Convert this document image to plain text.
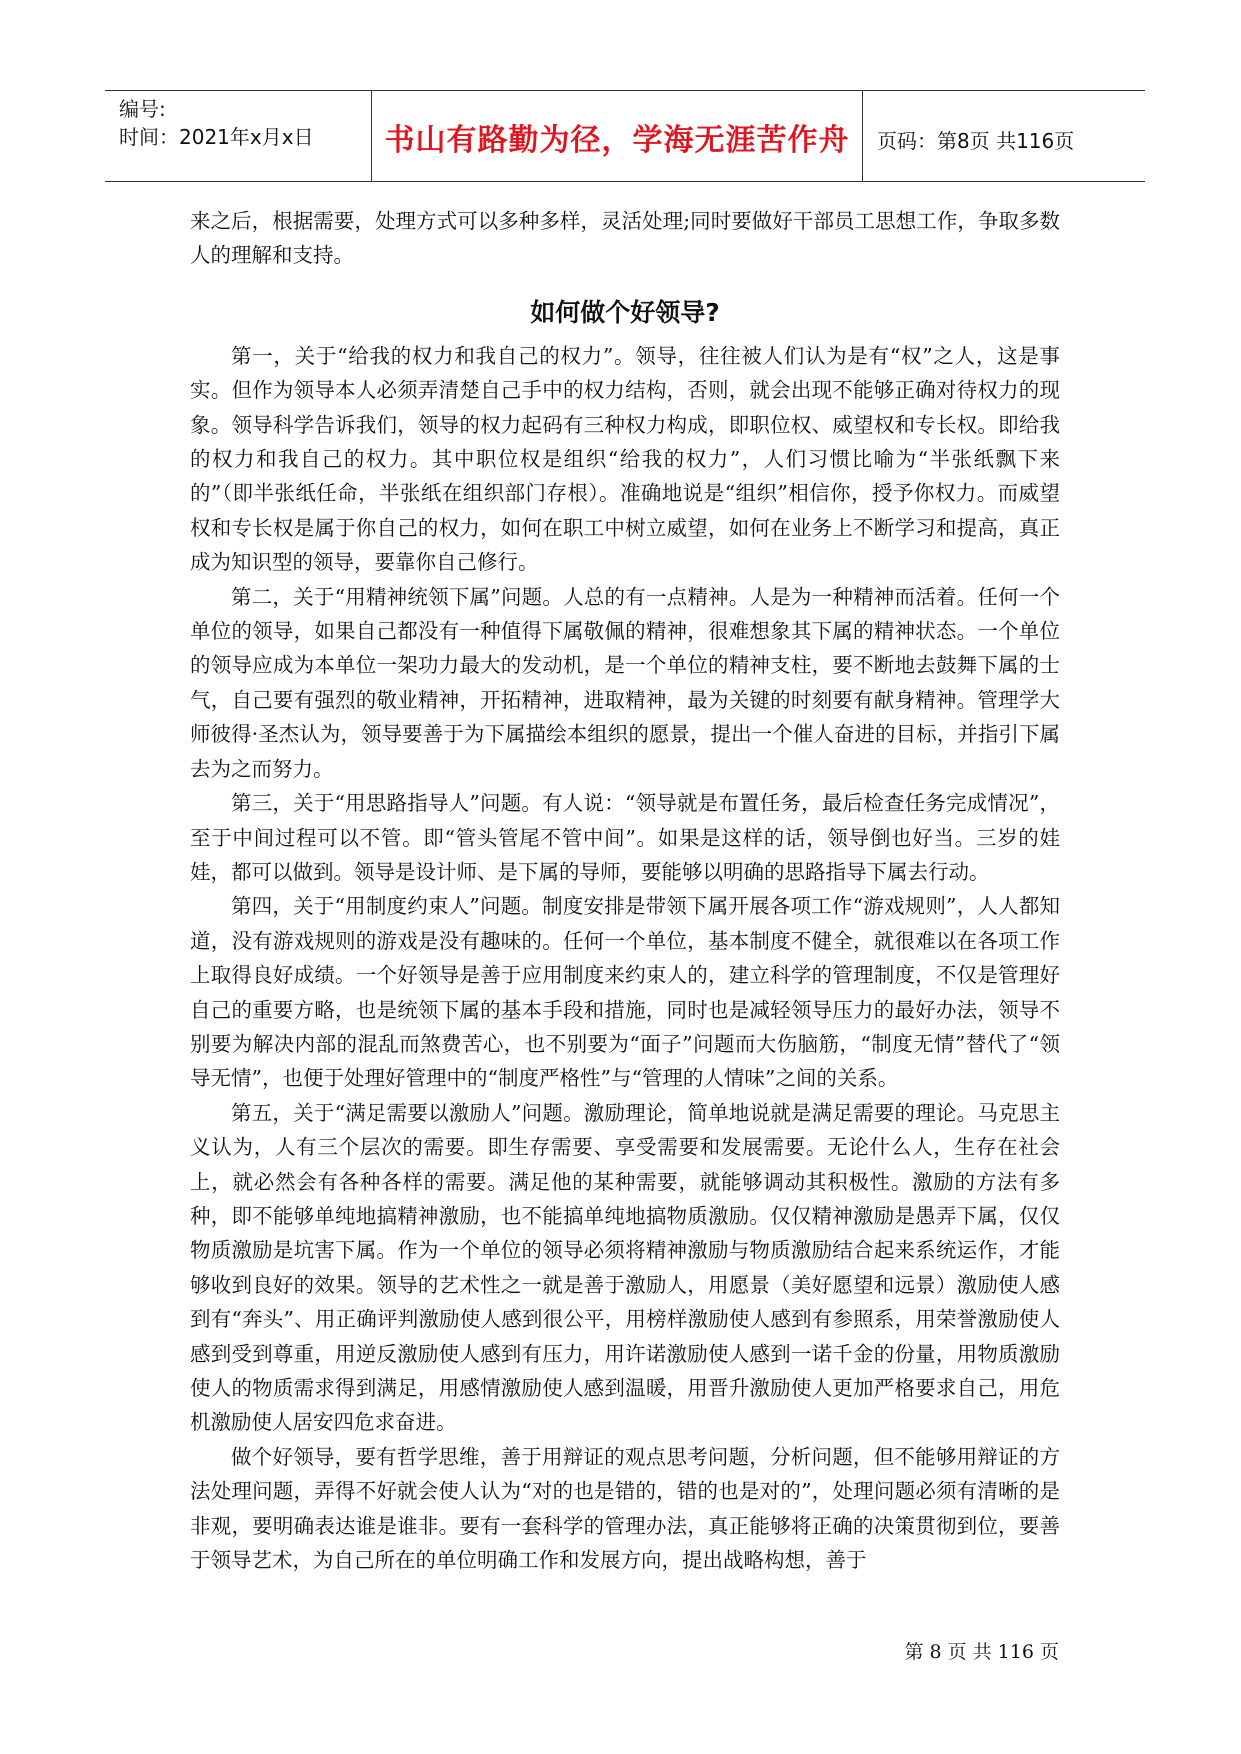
编号:
时间：2021年x月x日	书山有路勤为径，学海无涯苦作舟	页码：第8页 共116页

来之后，根据需要，处理方式可以多种多样，灵活处理;同时要做好干部员工思想工作，争取多数人的理解和支持。

如何做个好领导?

第一，关于“给我的权力和我自己的权力”。领导，往往被人们认为是有“权”之人，这是事实。但作为领导本人必须弄清楚自己手中的权力结构，否则，就会出现不能够正确对待权力的现象。领导科学告诉我们，领导的权力起码有三种权力构成，即职位权、威望权和专长权。即给我的权力和我自己的权力。其中职位权是组织“给我的权力”，人们习惯比喻为“半张纸飘下来的”（即半张纸任命，半张纸在组织部门存根）。准确地说是“组织”相信你，授予你权力。而威望权和专长权是属于你自己的权力，如何在职工中树立威望，如何在业务上不断学习和提高，真正成为知识型的领导，要靠你自己修行。

第二，关于“用精神统领下属”问题。人总的有一点精神。人是为一种精神而活着。任何一个单位的领导，如果自己都没有一种值得下属敬佩的精神，很难想象其下属的精神状态。一个单位的领导应成为本单位一架功力最大的发动机，是一个单位的精神支柱，要不断地去鼓舞下属的士气，自己要有强烈的敬业精神，开拓精神，进取精神，最为关键的时刻要有献身精神。管理学大师彼得·圣杰认为，领导要善于为下属描绘本组织的愿景，提出一个催人奋进的目标，并指引下属去为之而努力。

第三，关于“用思路指导人”问题。有人说：“领导就是布置任务，最后检查任务完成情况”，至于中间过程可以不管。即“管头管尾不管中间”。如果是这样的话，领导倒也好当。三岁的娃娃，都可以做到。领导是设计师、是下属的导师，要能够以明确的思路指导下属去行动。

第四，关于“用制度约束人”问题。制度安排是带领下属开展各项工作“游戏规则”，人人都知道，没有游戏规则的游戏是没有趣味的。任何一个单位，基本制度不健全，就很难以在各项工作上取得良好成绩。一个好领导是善于应用制度来约束人的，建立科学的管理制度，不仅是管理好自己的重要方略，也是统领下属的基本手段和措施，同时也是减轻领导压力的最好办法，领导不别要为解决内部的混乱而煞费苦心，也不别要为“面子”问题而大伤脑筋，“制度无情”替代了“领导无情”，也便于处理好管理中的“制度严格性”与“管理的人情味”之间的关系。

第五，关于“满足需要以激励人”问题。激励理论，简单地说就是满足需要的理论。马克思主义认为，人有三个层次的需要。即生存需要、享受需要和发展需要。无论什么人，生存在社会上，就必然会有各种各样的需要。满足他的某种需要，就能够调动其积极性。激励的方法有多种，即不能够单纯地搞精神激励，也不能搞单纯地搞物质激励。仅仅精神激励是愚弄下属，仅仅物质激励是坑害下属。作为一个单位的领导必须将精神激励与物质激励结合起来系统运作，才能够收到良好的效果。领导的艺术性之一就是善于激励人，用愿景（美好愿望和远景）激励使人感到有“奔头”、用正确评判激励使人感到很公平，用榜样激励使人感到有参照系，用荣誉激励使人感到受到尊重，用逆反激励使人感到有压力，用许诺激励使人感到一诺千金的份量，用物质激励使人的物质需求得到满足，用感情激励使人感到温暖，用晋升激励使人更加严格要求自己，用危机激励使人居安四危求奋进。

做个好领导，要有哲学思维，善于用辩证的观点思考问题，分析问题，但不能够用辩证的方法处理问题，弄得不好就会使人认为“对的也是错的，错的也是对的”，处理问题必须有清晰的是非观，要明确表达谁是谁非。要有一套科学的管理办法，真正能够将正确的决策贯彻到位，要善于领导艺术，为自己所在的单位明确工作和发展方向，提出战略构想，善于

第 8 页 共 116 页
